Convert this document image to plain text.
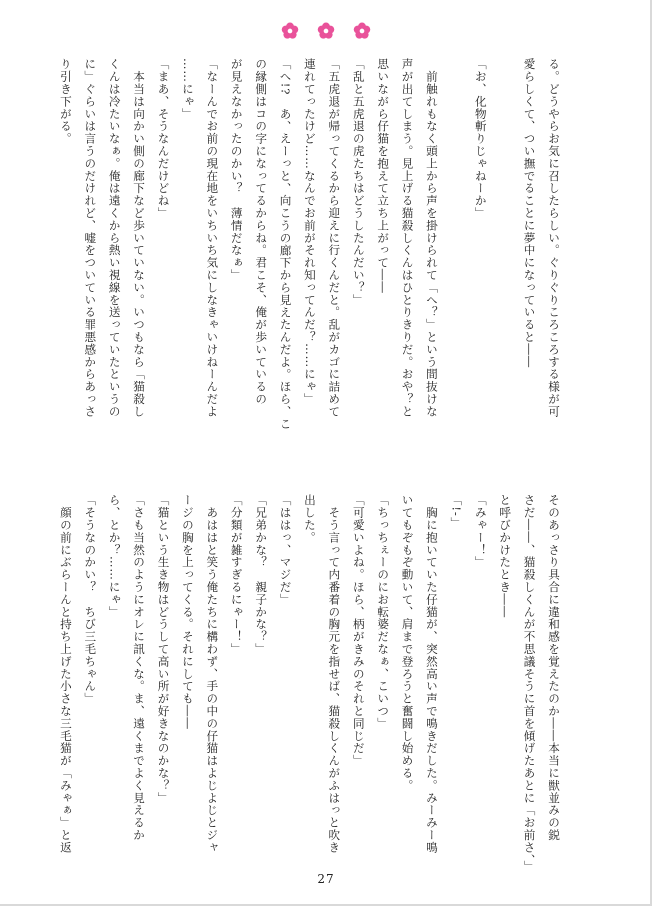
る。どうやらお気に召したらしい。ぐりぐりころころする様が可
愛らしくて、つい撫でることに夢中になっていると――

「お、化物斬りじゃねーか」

　前触れもなく頭上から声を掛けられて「へ？」という間抜けな
声が出てしまう。見上げる猫殺しくんはひとりきりだ。おや？と
思いながら仔猫を抱えて立ち上がって――
「乱と五虎退の虎たちはどうしたんだい？」
「五虎退が帰ってくるから迎えに行くんだと。乱がカゴに詰めて
連れてったけど……なんでお前がそれ知ってんだ？……にゃ」
「へ!?　あ、えーっと、向こうの廊下から見えたんだよ。ほら、こ
の縁側はコの字になってるからね。君こそ、俺が歩いているの
が見えなかったのかい？　薄情だなぁ」
「なーんでお前の現在地をいちいち気にしなきゃいけねーんだよ
……にゃ」
「まあ、そうなんだけどね」
　本当は向かい側の廊下など歩いていない。いつもなら「猫殺し
くんは冷たいなぁ。俺は遠くから熱い視線を送っていたというの
に」ぐらいは言うのだけれど、嘘をついている罪悪感からあっさ
り引き下がる。
そのあっさり具合に違和感を覚えたのか――本当に獣並みの鋭
さだ――、猫殺しくんが不思議そうに首を傾げたあとに「お前さ、」
と呼びかけたとき――
「みゃー！」
「!-」
　胸に抱いていた仔猫が、突然高い声で鳴きだした。みーみー鳴
いてもぞもぞ動いて、肩まで登ろうと奮闘し始める。
「ちっちぇーのにお転婆だなぁ、こいつ」
「可愛いよね。ほら、柄がきみのそれと同じだ」
　そう言って内番着の胸元を指せば、猫殺しくんがふはっと吹き
出した。
「ははっ、マジだ」
「兄弟かな？　親子かな？」
「分類が雑すぎるにゃー！」
　あははと笑う俺たちに構わず、手の中の仔猫はよじよじとジャ
ージの胸を上ってくる。それにしても――
「猫という生き物はどうして高い所が好きなのかな？」
「さも当然のようにオレに訊くな。ま、遠くまでよく見えるか
ら、とか？……にゃ」
「そうなのかい？　ちび三毛ちゃん」
　顔の前にぶらーんと持ち上げた小さな三毛猫が「みゃぁ」と返
27
